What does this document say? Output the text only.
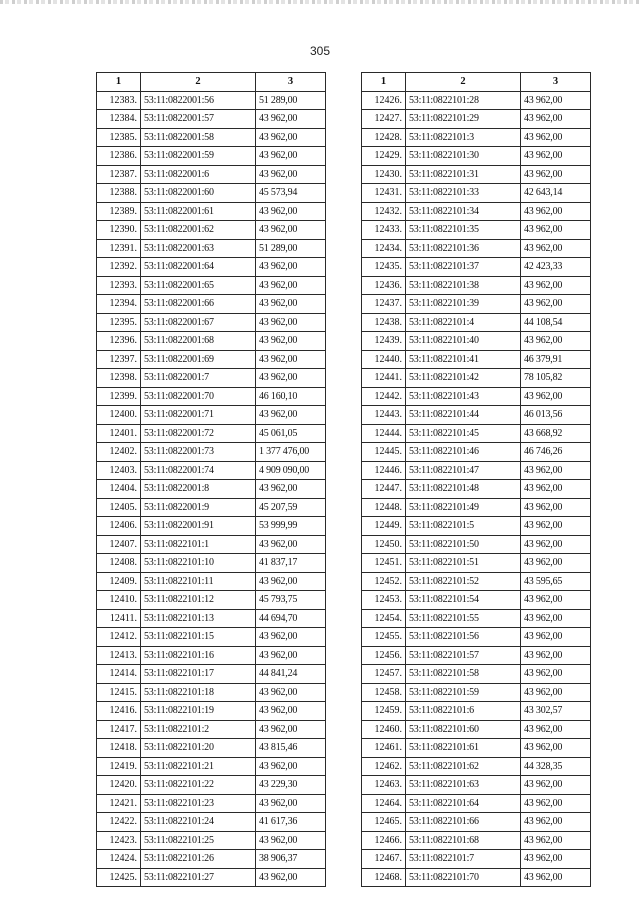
305
1	2	3
12383.	53:11:0822001:56	51 289,00
12384.	53:11:0822001:57	43 962,00
12385.	53:11:0822001:58	43 962,00
12386.	53:11:0822001:59	43 962,00
12387.	53:11:0822001:6	43 962,00
12388.	53:11:0822001:60	45 573,94
12389.	53:11:0822001:61	43 962,00
12390.	53:11:0822001:62	43 962,00
12391.	53:11:0822001:63	51 289,00
12392.	53:11:0822001:64	43 962,00
12393.	53:11:0822001:65	43 962,00
12394.	53:11:0822001:66	43 962,00
12395.	53:11:0822001:67	43 962,00
12396.	53:11:0822001:68	43 962,00
12397.	53:11:0822001:69	43 962,00
12398.	53:11:0822001:7	43 962,00
12399.	53:11:0822001:70	46 160,10
12400.	53:11:0822001:71	43 962,00
12401.	53:11:0822001:72	45 061,05
12402.	53:11:0822001:73	1 377 476,00
12403.	53:11:0822001:74	4 909 090,00
12404.	53:11:0822001:8	43 962,00
12405.	53:11:0822001:9	45 207,59
12406.	53:11:0822001:91	53 999,99
12407.	53:11:0822101:1	43 962,00
12408.	53:11:0822101:10	41 837,17
12409.	53:11:0822101:11	43 962,00
12410.	53:11:0822101:12	45 793,75
12411.	53:11:0822101:13	44 694,70
12412.	53:11:0822101:15	43 962,00
12413.	53:11:0822101:16	43 962,00
12414.	53:11:0822101:17	44 841,24
12415.	53:11:0822101:18	43 962,00
12416.	53:11:0822101:19	43 962,00
12417.	53:11:0822101:2	43 962,00
12418.	53:11:0822101:20	43 815,46
12419.	53:11:0822101:21	43 962,00
12420.	53:11:0822101:22	43 229,30
12421.	53:11:0822101:23	43 962,00
12422.	53:11:0822101:24	41 617,36
12423.	53:11:0822101:25	43 962,00
12424.	53:11:0822101:26	38 906,37
12425.	53:11:0822101:27	43 962,00
1	2	3
12426.	53:11:0822101:28	43 962,00
12427.	53:11:0822101:29	43 962,00
12428.	53:11:0822101:3	43 962,00
12429.	53:11:0822101:30	43 962,00
12430.	53:11:0822101:31	43 962,00
12431.	53:11:0822101:33	42 643,14
12432.	53:11:0822101:34	43 962,00
12433.	53:11:0822101:35	43 962,00
12434.	53:11:0822101:36	43 962,00
12435.	53:11:0822101:37	42 423,33
12436.	53:11:0822101:38	43 962,00
12437.	53:11:0822101:39	43 962,00
12438.	53:11:0822101:4	44 108,54
12439.	53:11:0822101:40	43 962,00
12440.	53:11:0822101:41	46 379,91
12441.	53:11:0822101:42	78 105,82
12442.	53:11:0822101:43	43 962,00
12443.	53:11:0822101:44	46 013,56
12444.	53:11:0822101:45	43 668,92
12445.	53:11:0822101:46	46 746,26
12446.	53:11:0822101:47	43 962,00
12447.	53:11:0822101:48	43 962,00
12448.	53:11:0822101:49	43 962,00
12449.	53:11:0822101:5	43 962,00
12450.	53:11:0822101:50	43 962,00
12451.	53:11:0822101:51	43 962,00
12452.	53:11:0822101:52	43 595,65
12453.	53:11:0822101:54	43 962,00
12454.	53:11:0822101:55	43 962,00
12455.	53:11:0822101:56	43 962,00
12456.	53:11:0822101:57	43 962,00
12457.	53:11:0822101:58	43 962,00
12458.	53:11:0822101:59	43 962,00
12459.	53:11:0822101:6	43 302,57
12460.	53:11:0822101:60	43 962,00
12461.	53:11:0822101:61	43 962,00
12462.	53:11:0822101:62	44 328,35
12463.	53:11:0822101:63	43 962,00
12464.	53:11:0822101:64	43 962,00
12465.	53:11:0822101:66	43 962,00
12466.	53:11:0822101:68	43 962,00
12467.	53:11:0822101:7	43 962,00
12468.	53:11:0822101:70	43 962,00
